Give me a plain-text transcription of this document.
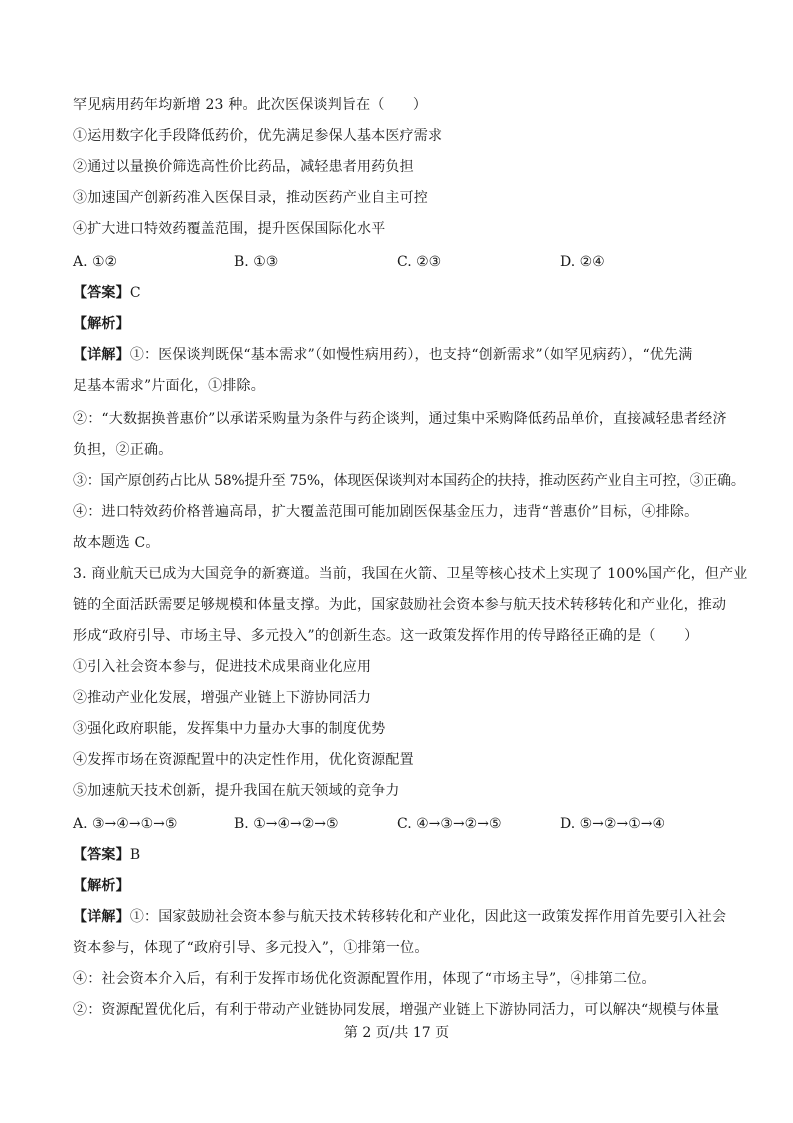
罕见病用药年均新增 23 种。此次医保谈判旨在（　　）
①运用数字化手段降低药价，优先满足参保人基本医疗需求
②通过以量换价筛选高性价比药品，减轻患者用药负担
③加速国产创新药准入医保目录，推动医药产业自主可控
④扩大进口特效药覆盖范围，提升医保国际化水平
A. ①②	B. ①③	C. ②③	D. ②④
【答案】C
【解析】
【详解】①：医保谈判既保“基本需求”（如慢性病用药），也支持“创新需求”（如罕见病药），“优先满
足基本需求”片面化，①排除。
②：“大数据换普惠价”以承诺采购量为条件与药企谈判，通过集中采购降低药品单价，直接减轻患者经济
负担，②正确。
③：国产原创药占比从 58%提升至 75%，体现医保谈判对本国药企的扶持，推动医药产业自主可控，③正确。
④：进口特效药价格普遍高昂，扩大覆盖范围可能加剧医保基金压力，违背“普惠价”目标，④排除。
故本题选 C。
3. 商业航天已成为大国竞争的新赛道。当前，我国在火箭、卫星等核心技术上实现了 100%国产化，但产业
链的全面活跃需要足够规模和体量支撑。为此，国家鼓励社会资本参与航天技术转移转化和产业化，推动
形成“政府引导、市场主导、多元投入”的创新生态。这一政策发挥作用的传导路径正确的是（　　）
①引入社会资本参与，促进技术成果商业化应用
②推动产业化发展，增强产业链上下游协同活力
③强化政府职能，发挥集中力量办大事的制度优势
④发挥市场在资源配置中的决定性作用，优化资源配置
⑤加速航天技术创新，提升我国在航天领域的竞争力
A. ③→④→①→⑤	B. ①→④→②→⑤	C. ④→③→②→⑤	D. ⑤→②→①→④
【答案】B
【解析】
【详解】①：国家鼓励社会资本参与航天技术转移转化和产业化，因此这一政策发挥作用首先要引入社会
资本参与，体现了“政府引导、多元投入”，①排第一位。
④：社会资本介入后，有利于发挥市场优化资源配置作用，体现了“市场主导”，④排第二位。
②：资源配置优化后，有利于带动产业链协同发展，增强产业链上下游协同活力，可以解决“规模与体量
第 2 页/共 17 页
